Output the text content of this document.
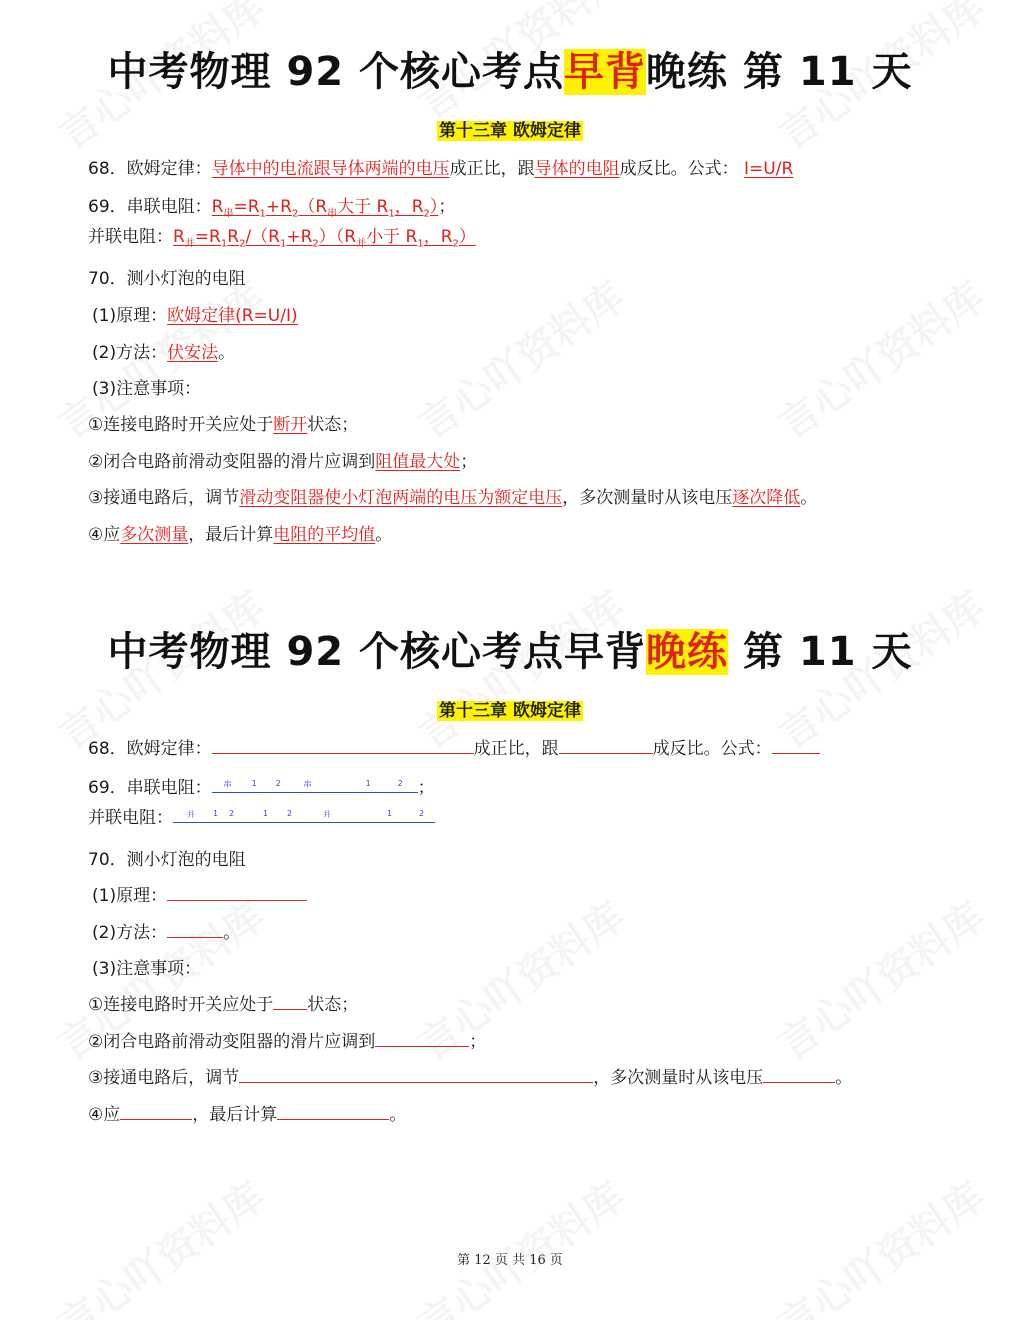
中考物理 92 个核心考点早背晚练 第 11 天
第十三章 欧姆定律
68．欧姆定律：导体中的电流跟导体两端的电压成正比，跟导体的电阻成反比。公式： I=U/R
69．串联电阻：$R_串=R_1+R_2(R_串$大于 $R_1$，$R_2$）；
并联电阻：$R_并=R_1R_2/(R_1+R_2)(R_并$小于 $R_1$，$R_2$）
70．测小灯泡的电阻
(1)原理：欧姆定律(R=U/I)
(2)方法：伏安法。
(3)注意事项：
①连接电路时开关应处于断开状态；
②闭合电路前滑动变阻器的滑片应调到阻值最大处；
③接通电路后，调节滑动变阻器使小灯泡两端的电压为额定电压，多次测量时从该电压逐次降低。
④应多次测量，最后计算电阻的平均值。
中考物理 92 个核心考点早背晚练 第 11 天
第十三章 欧姆定律
68．欧姆定律：	成正比，跟	成反比。公式：
69．串联电阻： 串	1 2	串	1	2 ；
并联电阻： 并 1 2	1 2	并	1	2
70．测小灯泡的电阻
(1)原理：
(2)方法：	。
(3)注意事项：
①连接电路时开关应处于 状态；
②闭合电路前滑动变阻器的滑片应调到	；
③接通电路后，调节	，多次测量时从该电压	。
④应	，最后计算	。
第 12 页 共 16 页
